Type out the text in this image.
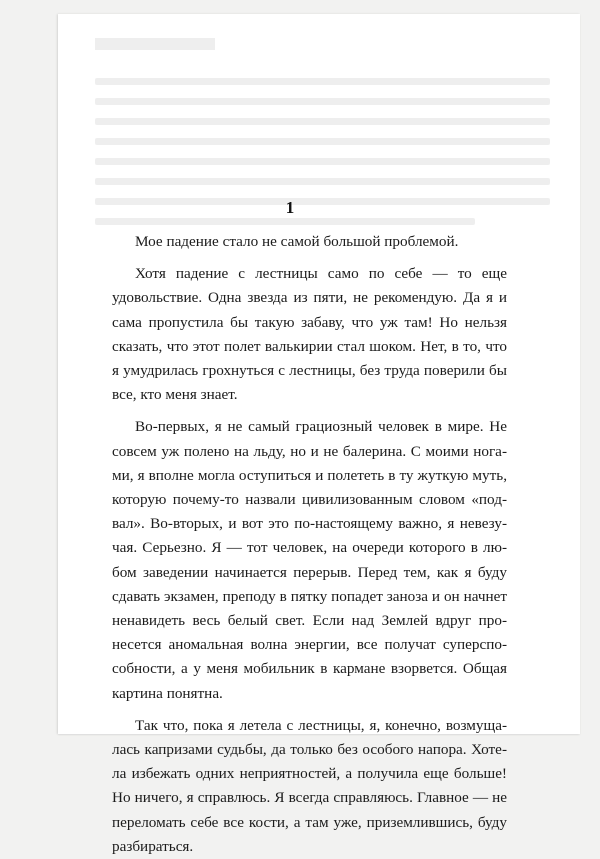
1

Мое падение стало не самой большой проблемой.

Хотя падение с лестницы само по себе — то еще удовольствие. Одна звезда из пяти, не рекомендую. Да я и сама пропустила бы такую забаву, что уж там! Но нельзя сказать, что этот полет валькирии стал шоком. Нет, в то, что я умудрилась грохнуться с лестницы, без труда поверили бы все, кто меня знает.

Во-первых, я не самый грациозный человек в мире. Не совсем уж полено на льду, но и не балерина. С моими ногами, я вполне могла оступиться и полететь в ту жуткую муть, которую почему-то назвали цивилизованным словом «подвал». Во-вторых, и вот это по-настоящему важно, я невезучая. Серьезно. Я — тот человек, на очереди которого в любом заведении начинается перерыв. Перед тем, как я буду сдавать экзамен, преподу в пятку попадет заноза и он начнет ненавидеть весь белый свет. Если над Землей вдруг пронесется аномальная волна энергии, все получат суперспособности, а у меня мобильник в кармане взорвется. Общая картина понятна.

Так что, пока я летела с лестницы, я, конечно, возмущалась капризами судьбы, да только без особого напора. Хотела избежать одних неприятностей, а получила еще больше! Но ничего, я справлюсь. Я всегда справляюсь. Главное — не переломать себе все кости, а там уже, приземлившись, буду разбираться.
